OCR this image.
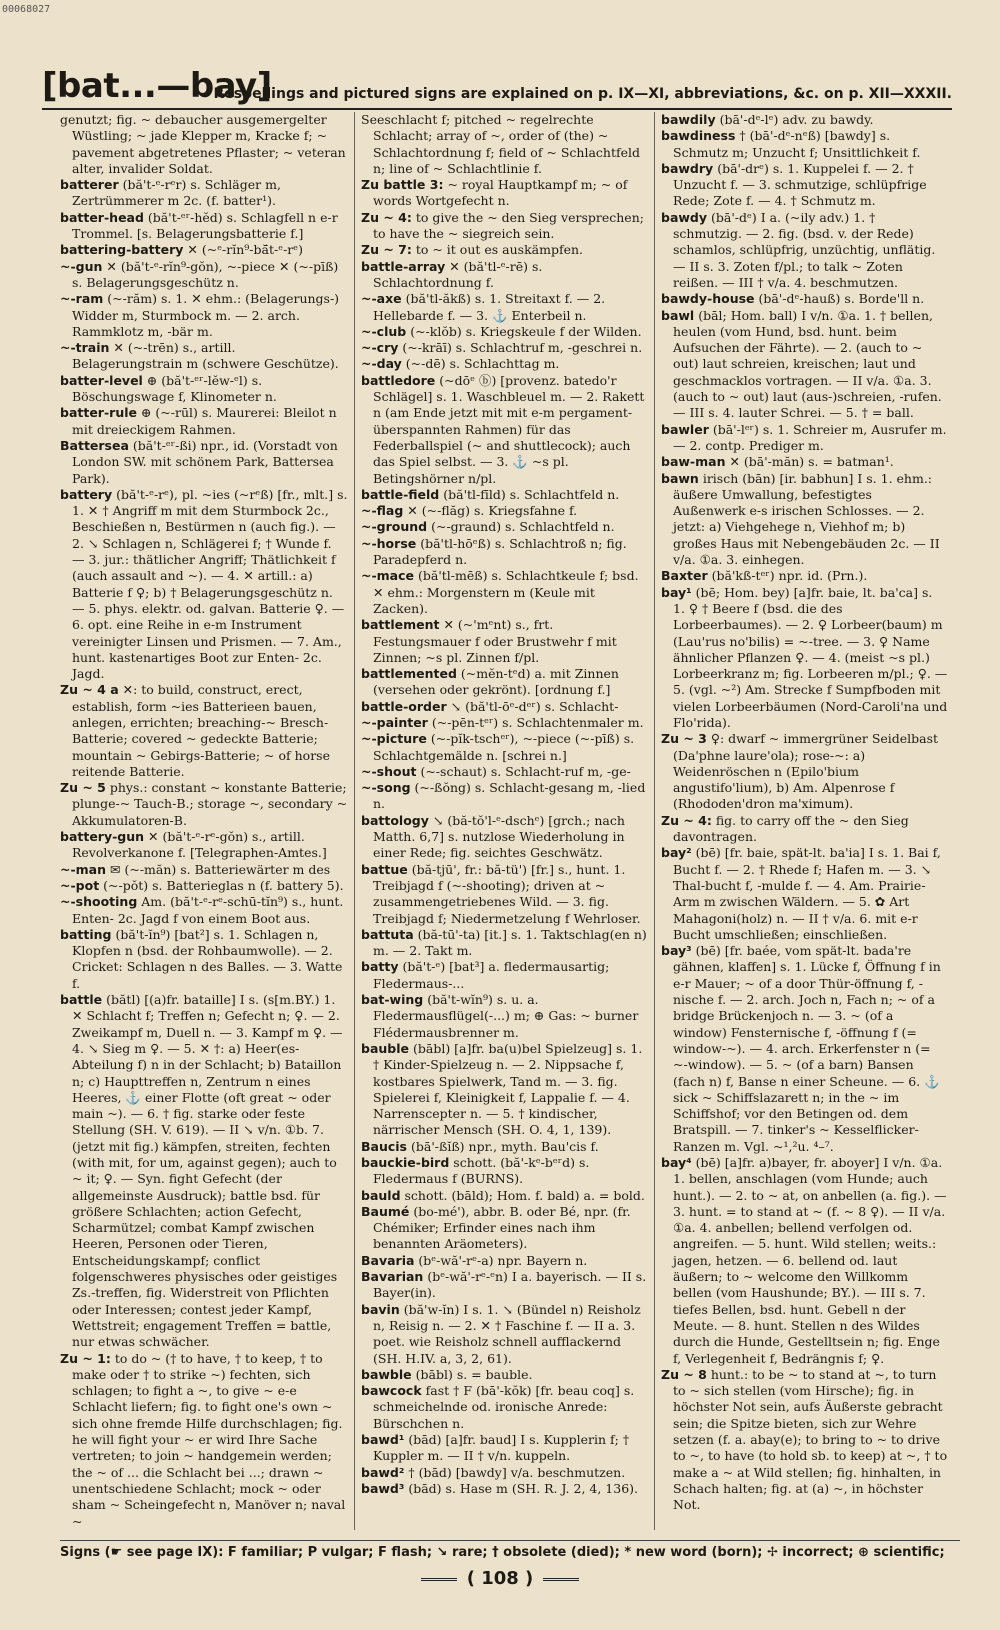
00068027
[bat...—bay]
Respellings and pictured signs are explained on p. IX—XI, abbreviations, &c. on p. XII—XXXII.

genutzt; fig. ~ debaucher ausgemergelter Wüstling; ~ jade Klepper m, Kracke f; ~ pavement abgetretenes Pflaster; ~ veteran alter, invalider Soldat.

batterer (bă't-ᵉ-rᵉr) s. Schläger m, Zertrümmerer m 2c. (f. batter¹).

batter-head (bă't-ᵉʳ-hĕd) s. Schlagfell n e-r Trommel. [s. Belagerungsbatterie f.]

battering-battery ✕ (~ᵉ-rĭn⁹-bă̄t-ᵉ-rᵉ)

~-gun ✕ (bă't-ᵉ-rĭn⁹-gŏn), ~-piece ✕ (~-pīß) s. Belagerungsgeschütz n.

~-ram (~-răm) s. 1. ✕ ehm.: (Belagerungs-) Widder m, Sturmbock m. — 2. arch. Rammklotz m, -bär m.

~-train ✕ (~-trēn) s., artill. Belagerungstrain m (schwere Geschütze).

batter-level ⊕ (bă't-ᵉʳ-lĕw-ᵉl) s. Böschungswage f, Klinometer n.

batter-rule ⊕ (~-rūl) s. Maurerei: Bleilot n mit dreieckigem Rahmen.

Battersea (bă't-ᵉʳ-ßi) npr., id. (Vorstadt von London SW. mit schönem Park, Battersea Park).

battery (bă't-ᵉ-rᵉ), pl. ~ies (~rᵉß) [fr., mlt.] s. 1. ✕ † Angriff m mit dem Sturmbock 2c., Beschießen n, Bestürmen n (auch fig.). — 2. ↘ Schlagen n, Schlägerei f; † Wunde f. — 3. jur.: thätlicher Angriff; Thätlichkeit f (auch assault and ~). — 4. ✕ artill.: a) Batterie f ♀; b) † Belagerungsgeschütz n. — 5. phys. elektr. od. galvan. Batterie ♀. — 6. opt. eine Reihe in e-m Instrument vereinigter Linsen und Prismen. — 7. Am., hunt. kastenartiges Boot zur Enten- 2c. Jagd.

Zu ~ 4 a ✕: to build, construct, erect, establish, form ~ies Batterieen bauen, anlegen, errichten; breaching-~ Bresch-Batterie; covered ~ gedeckte Batterie; mountain ~ Gebirgs-Batterie; ~ of horse reitende Batterie.

Zu ~ 5 phys.: constant ~ konstante Batterie; plunge-~ Tauch-B.; storage ~, secondary ~ Akkumulatoren-B.

battery-gun ✕ (bă't-ᵉ-rᵉ-gŏn) s., artill. Revolverkanone f. [Telegraphen-Amtes.]

~-man ✉ (~-măn) s. Batteriewärter m des

~-pot (~-pŏt) s. Batterieglas n (f. battery 5).

~-shooting Am. (bă't-ᵉ-rᵉ-schū-tĭn⁹) s., hunt. Enten- 2c. Jagd f von einem Boot aus.

batting (bă't-ĭn⁹) [bat²] s. 1. Schlagen n, Klopfen n (bsd. der Rohbaumwolle). — 2. Cricket: Schlagen n des Balles. — 3. Watte f.

battle (bătl) [(a)fr. bataille] I s. (s[m.BY.) 1. ✕ Schlacht f; Treffen n; Gefecht n; ♀. — 2. Zweikampf m, Duell n. — 3. Kampf m ♀. — 4. ↘ Sieg m ♀. — 5. ✕ †: a) Heer(es-Abteilung f) n in der Schlacht; b) Bataillon n; c) Haupttreffen n, Zentrum n eines Heeres, ⚓ einer Flotte (oft great ~ oder main ~). — 6. † fig. starke oder feste Stellung (SH. V. 619). — II ↘ v/n. ①b. 7. (jetzt mit fig.) kämpfen, streiten, fechten (with mit, for um, against gegen); auch to ~ it; ♀. — Syn. fight Gefecht (der allgemeinste Ausdruck); battle bsd. für größere Schlachten; action Gefecht, Scharmützel; combat Kampf zwischen Heeren, Personen oder Tieren, Entscheidungskampf; conflict folgenschweres physisches oder geistiges Zs.-treffen, fig. Widerstreit von Pflichten oder Interessen; contest jeder Kampf, Wettstreit; engagement Treffen = battle, nur etwas schwächer.

Zu ~ 1: to do ~ († to have, † to keep, † to make oder † to strike ~) fechten, sich schlagen; to fight a ~, to give ~ e-e Schlacht liefern; fig. to fight one's own ~ sich ohne fremde Hilfe durchschlagen; fig. he will fight your ~ er wird Ihre Sache vertreten; to join ~ handgemein werden; the ~ of ... die Schlacht bei ...; drawn ~ unentschiedene Schlacht; mock ~ oder sham ~ Scheingefecht n, Manöver n; naval ~

Seeschlacht f; pitched ~ regelrechte Schlacht; array of ~, order of (the) ~ Schlachtordnung f; field of ~ Schlachtfeld n; line of ~ Schlachtlinie f.

Zu battle 3: ~ royal Hauptkampf m; ~ of words Wortgefecht n.

Zu ~ 4: to give the ~ den Sieg versprechen; to have the ~ siegreich sein.

Zu ~ 7: to ~ it out es auskämpfen.

battle-array ✕ (bă'tl-ᵉ-rē) s. Schlachtordnung f.

~-axe (bă'tl-ăkß) s. 1. Streitaxt f. — 2. Hellebarde f. — 3. ⚓ Enterbeil n.

~-club (~-klŏb) s. Kriegskeule f der Wilden.

~-cry (~-krāī) s. Schlachtruf m, -geschrei n.

~-day (~-dē) s. Schlachttag m.

battledore (~dōᵉ ⓑ) [provenz. batedo'r Schlägel] s. 1. Waschbleuel m. — 2. Rakett n (am Ende jetzt mit mit e-m pergament-überspannten Rahmen) für das Federballspiel (~ and shuttlecock); auch das Spiel selbst. — 3. ⚓ ~s pl. Betingshörner n/pl.

battle-field (bă'tl-fīld) s. Schlachtfeld n.

~-flag ✕ (~-flăg) s. Kriegsfahne f.

~-ground (~-graund) s. Schlachtfeld n.

~-horse (bă'tl-hōᵉß) s. Schlachtroß n; fig. Paradepferd n.

~-mace (bă'tl-mēß) s. Schlachtkeule f; bsd. ✕ ehm.: Morgenstern m (Keule mit Zacken).

battlement ✕ (~'mᵉnt) s., frt. Festungsmauer f oder Brustwehr f mit Zinnen; ~s pl. Zinnen f/pl.

battlemented (~mĕn-tᵉd) a. mit Zinnen (versehen oder gekrönt). [ordnung f.]

battle-order ↘ (bă'tl-ōᵉ-dᵉʳ) s. Schlacht-

~-painter (~-pēn-tᵉʳ) s. Schlachtenmaler m.

~-picture (~-pĭk-tschᵉʳ), ~-piece (~-pīß) s. Schlachtgemälde n. [schrei n.]

~-shout (~-schaut) s. Schlacht-ruf m, -ge-

~-song (~-ßŏng) s. Schlacht-gesang m, -lied n.

battology ↘ (bă-tŏ'l-ᵉ-dschᵉ) [grch.; nach Matth. 6,7] s. nutzlose Wiederholung in einer Rede; fig. seichtes Geschwätz.

battue (bă-tjū', fr.: bă-tü') [fr.] s., hunt. 1. Treibjagd f (~-shooting); driven at ~ zusammengetriebenes Wild. — 3. fig. Treibjagd f; Niedermetzelung f Wehrloser.

battuta (bă-tū'-ta) [it.] s. 1. Taktschlag(en n) m. — 2. Takt m.

batty (bă't-ᵉ) [bat³] a. fledermausartig; Fledermaus-...

bat-wing (bă't-wĭn⁹) s. u. a. Fledermausflügel(-...) m; ⊕ Gas: ~ burner Flédermausbrenner m.

bauble (bābl) [a]fr. ba(u)bel Spielzeug] s. 1. † Kinder-Spielzeug n. — 2. Nippsache f, kostbares Spielwerk, Tand m. — 3. fig. Spielerei f, Kleinigkeit f, Lappalie f. — 4. Narrenscepter n. — 5. † kindischer, närrischer Mensch (SH. O. 4, 1, 139).

Baucis (bā'-ßĭß) npr., myth. Bau'cis f.

bauckie-bird schott. (bă'-kᵉ-bᵉʳd) s. Fledermaus f (BURNS).

bauld schott. (bāld); Hom. f. bald) a. = bold.

Baumé (bo-mé'), abbr. B. oder Bé, npr. (fr. Chémiker; Erfinder eines nach ihm benannten Aräometers).

Bavaria (bᵉ-wă'-rᵉ-a) npr. Bayern n.

Bavarian (bᵉ-wă'-rᵉ-ᵉn) I a. bayerisch. — II s. Bayer(in).

bavin (bă'w-ĭn) I s. 1. ↘ (Bündel n) Reisholz n, Reisig n. — 2. ✕ † Faschine f. — II a. 3. poet. wie Reisholz schnell aufflackernd (SH. H.IV. a, 3, 2, 61).

bawble (bābl) s. = bauble.

bawcock fast † F (bā'-kŏk) [fr. beau coq] s. schmeichelnde od. ironische Anrede: Bürschchen n.

bawd¹ (bād) [a]fr. baud] I s. Kupplerin f; † Kuppler m. — II † v/n. kuppeln.

bawd² † (bād) [bawdy] v/a. beschmutzen.

bawd³ (bād) s. Hase m (SH. R. J. 2, 4, 136).

bawdily (bā'-dᵉ-lᵉ) adv. zu bawdy.

bawdiness † (bā'-dᵉ-nᵉß) [bawdy] s. Schmutz m; Unzucht f; Unsittlichkeit f.

bawdry (bā'-drᵉ) s. 1. Kuppelei f. — 2. † Unzucht f. — 3. schmutzige, schlüpfrige Rede; Zote f. — 4. † Schmutz m.

bawdy (bā'-dᵉ) I a. (~ily adv.) 1. † schmutzig. — 2. fig. (bsd. v. der Rede) schamlos, schlüpfrig, unzüchtig, unflätig. — II s. 3. Zoten f/pl.; to talk ~ Zoten reißen. — III † v/a. 4. beschmutzen.

bawdy-house (bā'-dᵉ-hauß) s. Borde'll n.

bawl (bāl; Hom. ball) I v/n. ①a. 1. † bellen, heulen (vom Hund, bsd. hunt. beim Aufsuchen der Fährte). — 2. (auch to ~ out) laut schreien, kreischen; laut und geschmacklos vortragen. — II v/a. ①a. 3. (auch to ~ out) laut (aus-)schreien, -rufen. — III s. 4. lauter Schrei. — 5. † = ball.

bawler (bā'-lᵉʳ) s. 1. Schreier m, Ausrufer m. — 2. contp. Prediger m.

baw-man ✕ (bā'-măn) s. = batman¹.

bawn irisch (bān) [ir. babhun] I s. 1. ehm.: äußere Umwallung, befestigtes Außenwerk e-s irischen Schlosses. — 2. jetzt: a) Viehgehege n, Viehhof m; b) großes Haus mit Nebengebäuden 2c. — II v/a. ①a. 3. einhegen.

Baxter (bă'kß-tᵉʳ) npr. id. (Prn.).

bay¹ (bē; Hom. bey) [a]fr. baie, lt. ba'ca] s. 1. ♀ † Beere f (bsd. die des Lorbeerbaumes). — 2. ♀ Lorbeer(baum) m (Lau'rus no'bilis) = ~-tree. — 3. ♀ Name ähnlicher Pflanzen ♀. — 4. (meist ~s pl.) Lorbeerkranz m; fig. Lorbeeren m/pl.; ♀. — 5. (vgl. ~²) Am. Strecke f Sumpfboden mit vielen Lorbeerbäumen (Nord-Caroli'na und Flo'rida).

Zu ~ 3 ♀: dwarf ~ immergrüner Seidelbast (Da'phne laure'ola); rose-~: a) Weidenröschen n (Epilo'bium angustifo'lium), b) Am. Alpenrose f (Rhododen'dron ma'ximum).

Zu ~ 4: fig. to carry off the ~ den Sieg davontragen.

bay² (bē) [fr. baie, spät-lt. ba'ia] I s. 1. Bai f, Bucht f. — 2. † Rhede f; Hafen m. — 3. ↘ Thal-bucht f, -mulde f. — 4. Am. Prairie-Arm m zwischen Wäldern. — 5. ✿ Art Mahagoni(holz) n. — II † v/a. 6. mit e-r Bucht umschließen; einschließen.

bay³ (bē) [fr. baée, vom spät-lt. bada're gähnen, klaffen] s. 1. Lücke f, Öffnung f in e-r Mauer; ~ of a door Thür-öffnung f, -nische f. — 2. arch. Joch n, Fach n; ~ of a bridge Brückenjoch n. — 3. ~ (of a window) Fensternische f, -öffnung f (= window-~). — 4. arch. Erkerfenster n (= ~-window). — 5. ~ (of a barn) Bansen (fach n) f, Banse n einer Scheune. — 6. ⚓ sick ~ Schiffslazarett n; in the ~ im Schiffshof; vor den Betingen od. dem Bratspill. — 7. tinker's ~ Kesselflicker-Ranzen m. Vgl. ~¹,²u. ⁴–⁷.

bay⁴ (bē) [a]fr. a)bayer, fr. aboyer] I v/n. ①a. 1. bellen, anschlagen (vom Hunde; auch hunt.). — 2. to ~ at, on anbellen (a. fig.). — 3. hunt. = to stand at ~ (f. ~ 8 ♀). — II v/a. ①a. 4. anbellen; bellend verfolgen od. angreifen. — 5. hunt. Wild stellen; weits.: jagen, hetzen. — 6. bellend od. laut äußern; to ~ welcome den Willkomm bellen (vom Haushunde; BY.). — III s. 7. tiefes Bellen, bsd. hunt. Gebell n der Meute. — 8. hunt. Stellen n des Wildes durch die Hunde, Gestelltsein n; fig. Enge f, Verlegenheit f, Bedrängnis f; ♀.

Zu ~ 8 hunt.: to be ~ to stand at ~, to turn to ~ sich stellen (vom Hirsche); fig. in höchster Not sein, aufs Äußerste gebracht sein; die Spitze bieten, sich zur Wehre setzen (f. a. abay(e); to bring to ~ to drive to ~, to have (to hold sb. to keep) at ~, † to make a ~ at Wild stellen; fig. hinhalten, in Schach halten; fig. at (a) ~, in höchster Not.

Signs (☛ see page IX): F familiar; P vulgar; F flash; ↘ rare; † obsolete (died); * new word (born); ✢ incorrect; ⊕ scientific;
( 108 )
